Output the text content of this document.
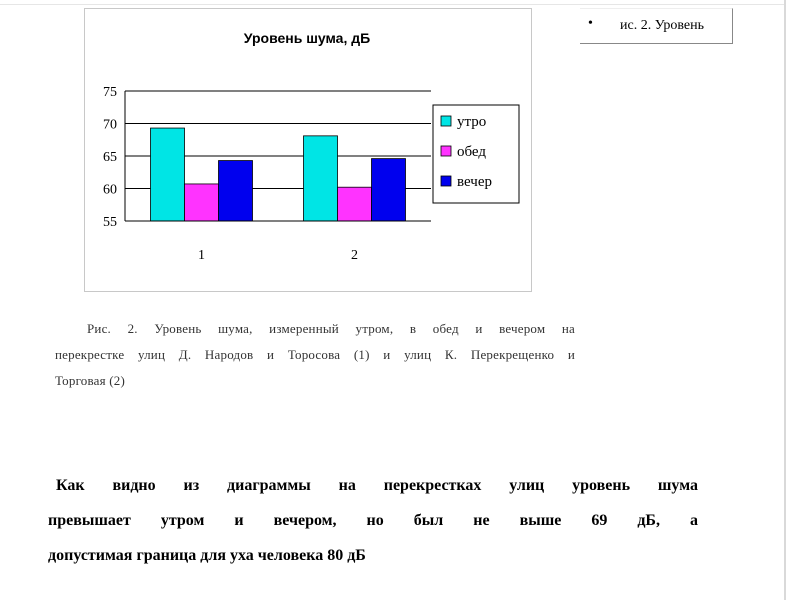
Уровень шума, дБ
55
60
65
70
75
1	2
утро
обед
вечер
• ис. 2. Уровень
Рис. 2. Уровень шума, измеренный утром, в обед и вечером на
перекрестке улиц Д. Народов и Торосова (1) и улиц К. Перекрещенко и
Торговая (2)
Как видно из диаграммы на перекрестках улиц уровень шума
превышает утром и вечером, но был не выше 69 дБ, а
допустимая граница для уха человека 80 дБ
